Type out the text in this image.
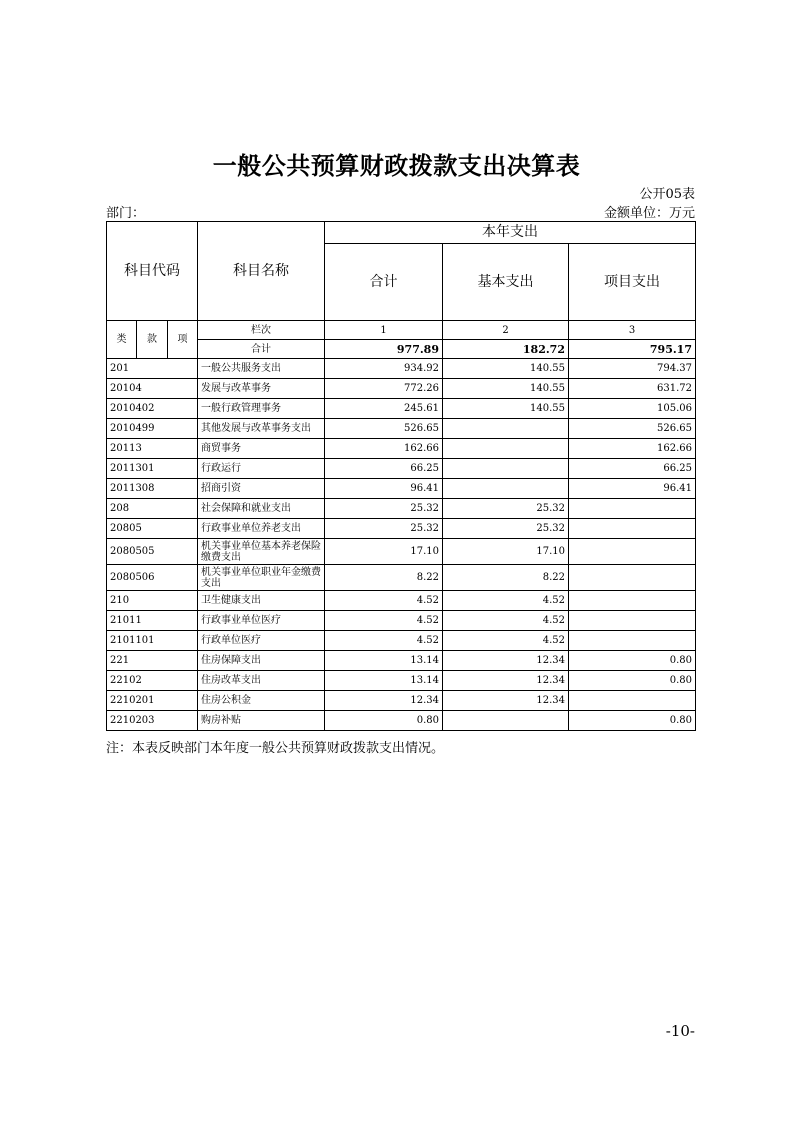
一般公共预算财政拨款支出决算表
公开05表
部门：	金额单位：万元
科目代码			科目名称	本年支出		
				合计	基本支出	项目支出
类	款	项	栏次	1	2	3
			合计	977.89	182.72	795.17
201			一般公共服务支出	934.92	140.55	794.37
20104			发展与改革事务	772.26	140.55	631.72
2010402			一般行政管理事务	245.61	140.55	105.06
2010499			其他发展与改革事务支出	526.65		526.65
20113			商贸事务	162.66		162.66
2011301			行政运行	66.25		66.25
2011308			招商引资	96.41		96.41
208			社会保障和就业支出	25.32	25.32	
20805			行政事业单位养老支出	25.32	25.32	
2080505			机关事业单位基本养老保险缴费支出	17.10	17.10	
2080506			机关事业单位职业年金缴费支出	8.22	8.22	
210			卫生健康支出	4.52	4.52	
21011			行政事业单位医疗	4.52	4.52	
2101101			行政单位医疗	4.52	4.52	
221			住房保障支出	13.14	12.34	0.80
22102			住房改革支出	13.14	12.34	0.80
2210201			住房公积金	12.34	12.34	
2210203			购房补贴	0.80		0.80
注：本表反映部门本年度一般公共预算财政拨款支出情况。
-10-
